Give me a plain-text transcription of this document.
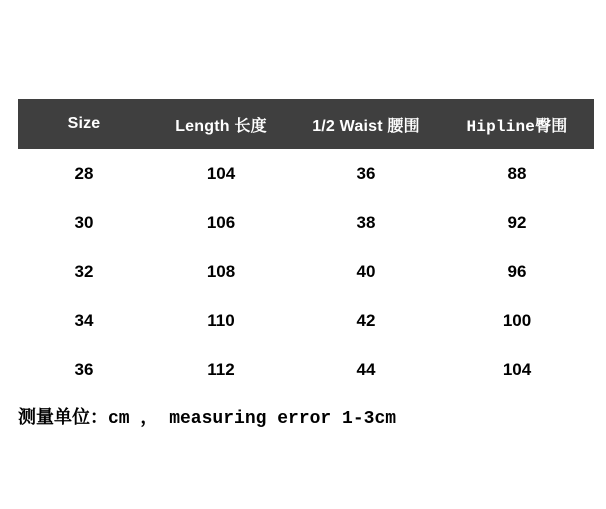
Size	Length 长度	1/2 Waist 腰围	Hipline臀围
28	104	36	88
30	106	38	92
32	108	40	96
34	110	42	100
36	112	44	104
测量单位：cm ， measuring error 1-3cm
